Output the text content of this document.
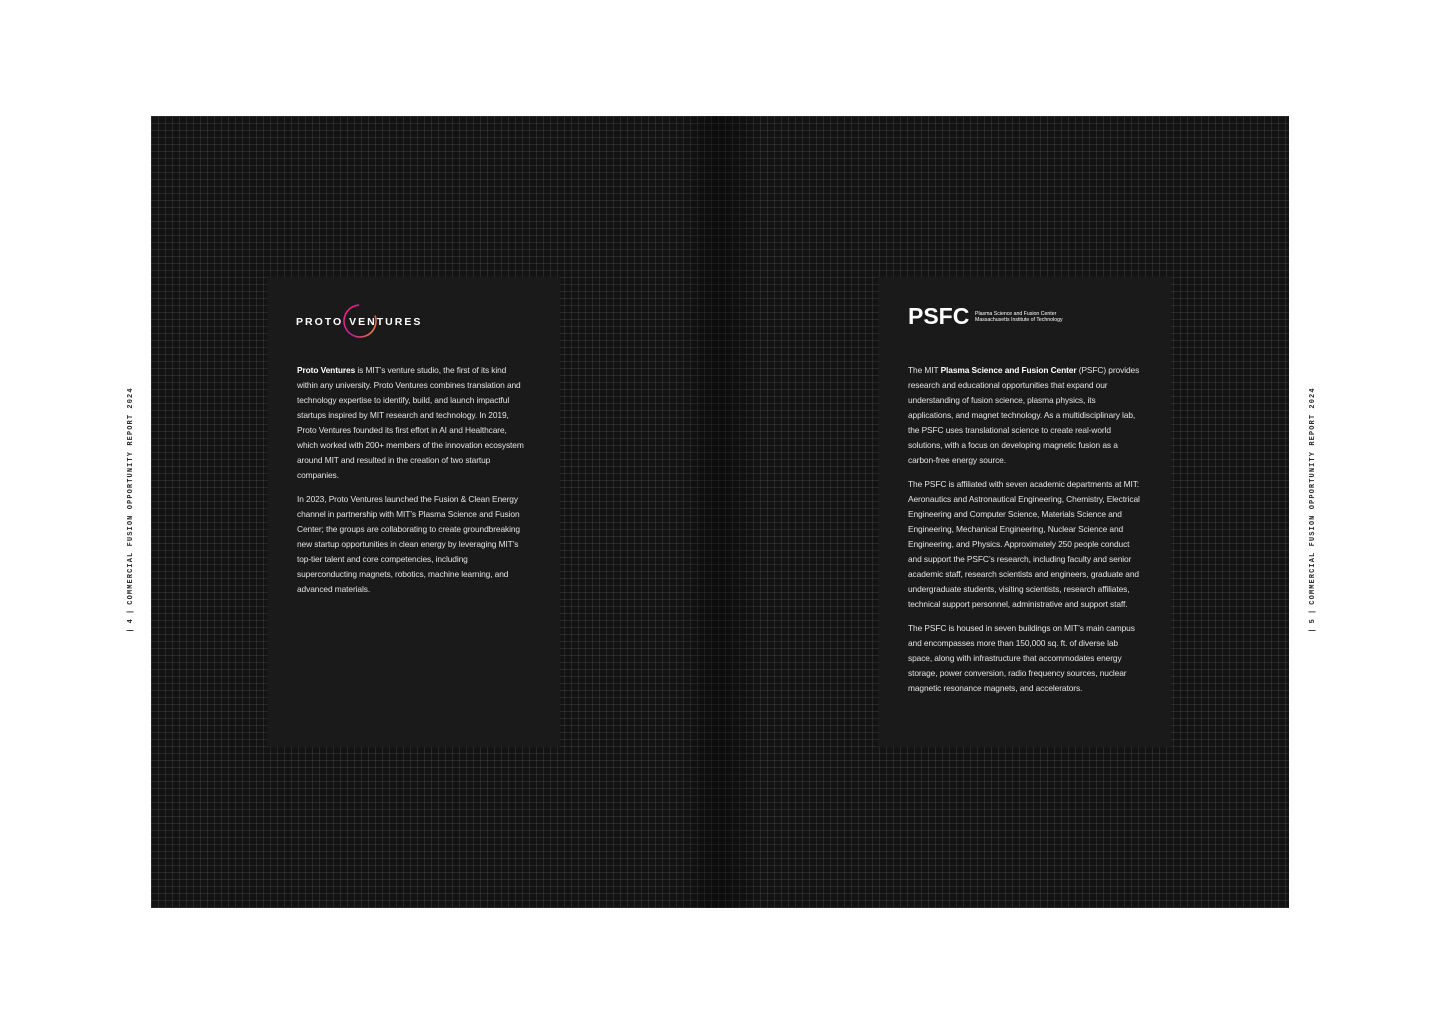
|4|COMMERCIAL FUSION OPPORTUNITY REPORT 2024
|5|COMMERCIAL FUSION OPPORTUNITY REPORT 2024
PROTO VENTURES

Proto Ventures is MIT’s venture studio, the first of its kind within any university. Proto Ventures combines translation and technology expertise to identify, build, and launch impactful startups inspired by MIT research and technology. In 2019, Proto Ventures founded its first effort in AI and Healthcare, which worked with 200+ members of the innovation ecosystem around MIT and resulted in the creation of two startup companies.

In 2023, Proto Ventures launched the Fusion & Clean Energy channel in partnership with MIT’s Plasma Science and Fusion Center; the groups are collaborating to create groundbreaking new startup opportunities in clean energy by leveraging MIT’s top-tier talent and core competencies, including superconducting magnets, robotics, machine learning, and advanced materials.

PSFC Plasma Science and Fusion Center
Massachusetts Institute of Technology

The MIT Plasma Science and Fusion Center (PSFC) provides research and educational opportunities that expand our understanding of fusion science, plasma physics, its applications, and magnet technology. As a multidisciplinary lab, the PSFC uses translational science to create real-world solutions, with a focus on developing magnetic fusion as a carbon-free energy source.

The PSFC is affiliated with seven academic departments at MIT: Aeronautics and Astronautical Engineering, Chemistry, Electrical Engineering and Computer Science, Materials Science and Engineering, Mechanical Engineering, Nuclear Science and Engineering, and Physics. Approximately 250 people conduct and support the PSFC’s research, including faculty and senior academic staff, research scientists and engineers, graduate and undergraduate students, visiting scientists, research affiliates, technical support personnel, administrative and support staff.

The PSFC is housed in seven buildings on MIT’s main campus and encompasses more than 150,000 sq. ft. of diverse lab space, along with infrastructure that accommodates energy storage, power conversion, radio frequency sources, nuclear magnetic resonance magnets, and accelerators.
